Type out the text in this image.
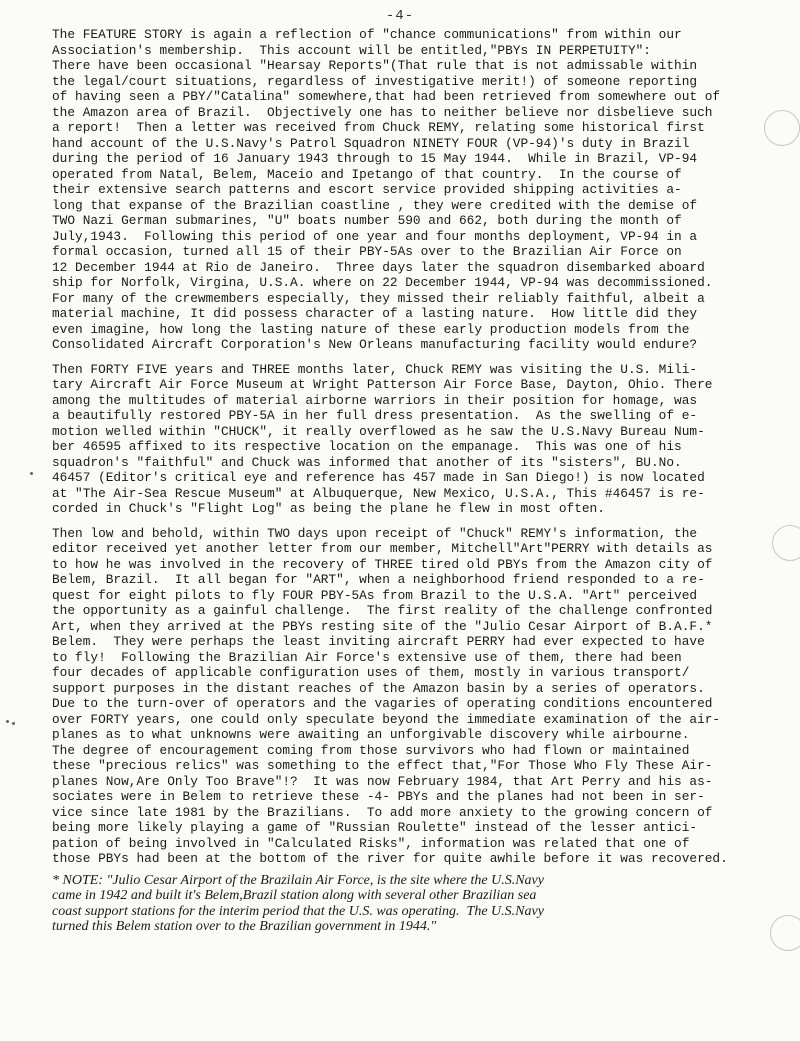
-4-

The FEATURE STORY is again a reflection of "chance communications" from within our
Association's membership.  This account will be entitled,"PBYs IN PERPETUITY":
There have been occasional "Hearsay Reports"(That rule that is not admissable within
the legal/court situations, regardless of investigative merit!) of someone reporting
of having seen a PBY/"Catalina" somewhere,that had been retrieved from somewhere out of
the Amazon area of Brazil.  Objectively one has to neither believe nor disbelieve such
a report!  Then a letter was received from Chuck REMY, relating some historical first
hand account of the U.S.Navy's Patrol Squadron NINETY FOUR (VP-94)'s duty in Brazil
during the period of 16 January 1943 through to 15 May 1944.  While in Brazil, VP-94
operated from Natal, Belem, Maceio and Ipetango of that country.  In the course of
their extensive search patterns and escort service provided shipping activities a-
long that expanse of the Brazilian coastline , they were credited with the demise of
TWO Nazi German submarines, "U" boats number 590 and 662, both during the month of
July,1943.  Following this period of one year and four months deployment, VP-94 in a
formal occasion, turned all 15 of their PBY-5As over to the Brazilian Air Force on
12 December 1944 at Rio de Janeiro.  Three days later the squadron disembarked aboard
ship for Norfolk, Virgina, U.S.A. where on 22 December 1944, VP-94 was decommissioned.
For many of the crewmembers especially, they missed their reliably faithful, albeit a
material machine, It did possess character of a lasting nature.  How little did they
even imagine, how long the lasting nature of these early production models from the
Consolidated Aircraft Corporation's New Orleans manufacturing facility would endure?

Then FORTY FIVE years and THREE months later, Chuck REMY was visiting the U.S. Mili-
tary Aircraft Air Force Museum at Wright Patterson Air Force Base, Dayton, Ohio. There
among the multitudes of material airborne warriors in their position for homage, was
a beautifully restored PBY-5A in her full dress presentation.  As the swelling of e-
motion welled within "CHUCK", it really overflowed as he saw the U.S.Navy Bureau Num-
ber 46595 affixed to its respective location on the empanage.  This was one of his
squadron's "faithful" and Chuck was informed that another of its "sisters", BU.No.
46457 (Editor's critical eye and reference has 457 made in San Diego!) is now located
at "The Air-Sea Rescue Museum" at Albuquerque, New Mexico, U.S.A., This #46457 is re-
corded in Chuck's "Flight Log" as being the plane he flew in most often.

Then low and behold, within TWO days upon receipt of "Chuck" REMY's information, the
editor received yet another letter from our member, Mitchell"Art"PERRY with details as
to how he was involved in the recovery of THREE tired old PBYs from the Amazon city of
Belem, Brazil.  It all began for "ART", when a neighborhood friend responded to a re-
quest for eight pilots to fly FOUR PBY-5As from Brazil to the U.S.A. "Art" perceived
the opportunity as a gainful challenge.  The first reality of the challenge confronted
Art, when they arrived at the PBYs resting site of the "Julio Cesar Airport of B.A.F.*
Belem.  They were perhaps the least inviting aircraft PERRY had ever expected to have
to fly!  Following the Brazilian Air Force's extensive use of them, there had been
four decades of applicable configuration uses of them, mostly in various transport/
support purposes in the distant reaches of the Amazon basin by a series of operators.
Due to the turn-over of operators and the vagaries of operating conditions encountered
over FORTY years, one could only speculate beyond the immediate examination of the air-
planes as to what unknowns were awaiting an unforgivable discovery while airbourne.
The degree of encouragement coming from those survivors who had flown or maintained
these "precious relics" was something to the effect that,"For Those Who Fly These Air-
planes Now,Are Only Too Brave"!?  It was now February 1984, that Art Perry and his as-
sociates were in Belem to retrieve these -4- PBYs and the planes had not been in ser-
vice since late 1981 by the Brazilians.  To add more anxiety to the growing concern of
being more likely playing a game of "Russian Roulette" instead of the lesser antici-
pation of being involved in "Calculated Risks", information was related that one of
those PBYs had been at the bottom of the river for quite awhile before it was recovered.

* NOTE: "Julio Cesar Airport of the Brazilain Air Force, is the site where the U.S.Navy
came in 1942 and built it's Belem,Brazil station along with several other Brazilian sea
coast support stations for the interim period that the U.S. was operating.  The U.S.Navy
turned this Belem station over to the Brazilian government in 1944."
